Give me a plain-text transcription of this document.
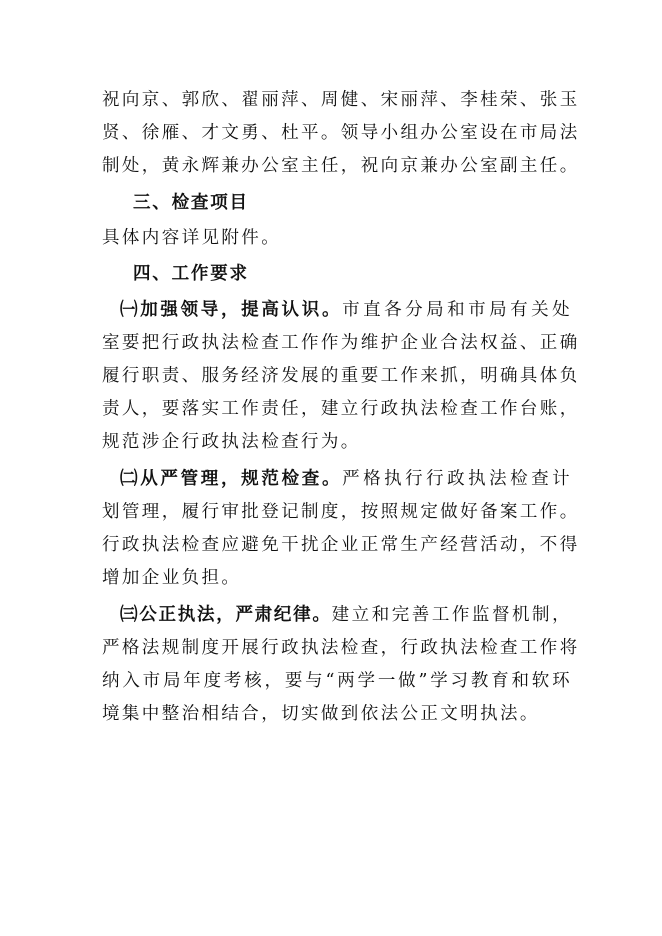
祝向京、郭欣、翟丽萍、周健、宋丽萍、李桂荣、张玉
贤、徐雁、才文勇、杜平。领导小组办公室设在市局法
制处，黄永辉兼办公室主任，祝向京兼办公室副主任。
三、检查项目
具体内容详见附件。
四、工作要求
㈠加强领导，提高认识。市直各分局和市局有关处
室要把行政执法检查工作作为维护企业合法权益、正确
履行职责、服务经济发展的重要工作来抓，明确具体负
责人，要落实工作责任，建立行政执法检查工作台账，
规范涉企行政执法检查行为。
㈡从严管理，规范检查。严格执行行政执法检查计
划管理，履行审批登记制度，按照规定做好备案工作。
行政执法检查应避免干扰企业正常生产经营活动，不得
增加企业负担。
㈢公正执法，严肃纪律。建立和完善工作监督机制，
严格法规制度开展行政执法检查，行政执法检查工作将
纳入市局年度考核，要与“两学一做”学习教育和软环
境集中整治相结合，切实做到依法公正文明执法。
